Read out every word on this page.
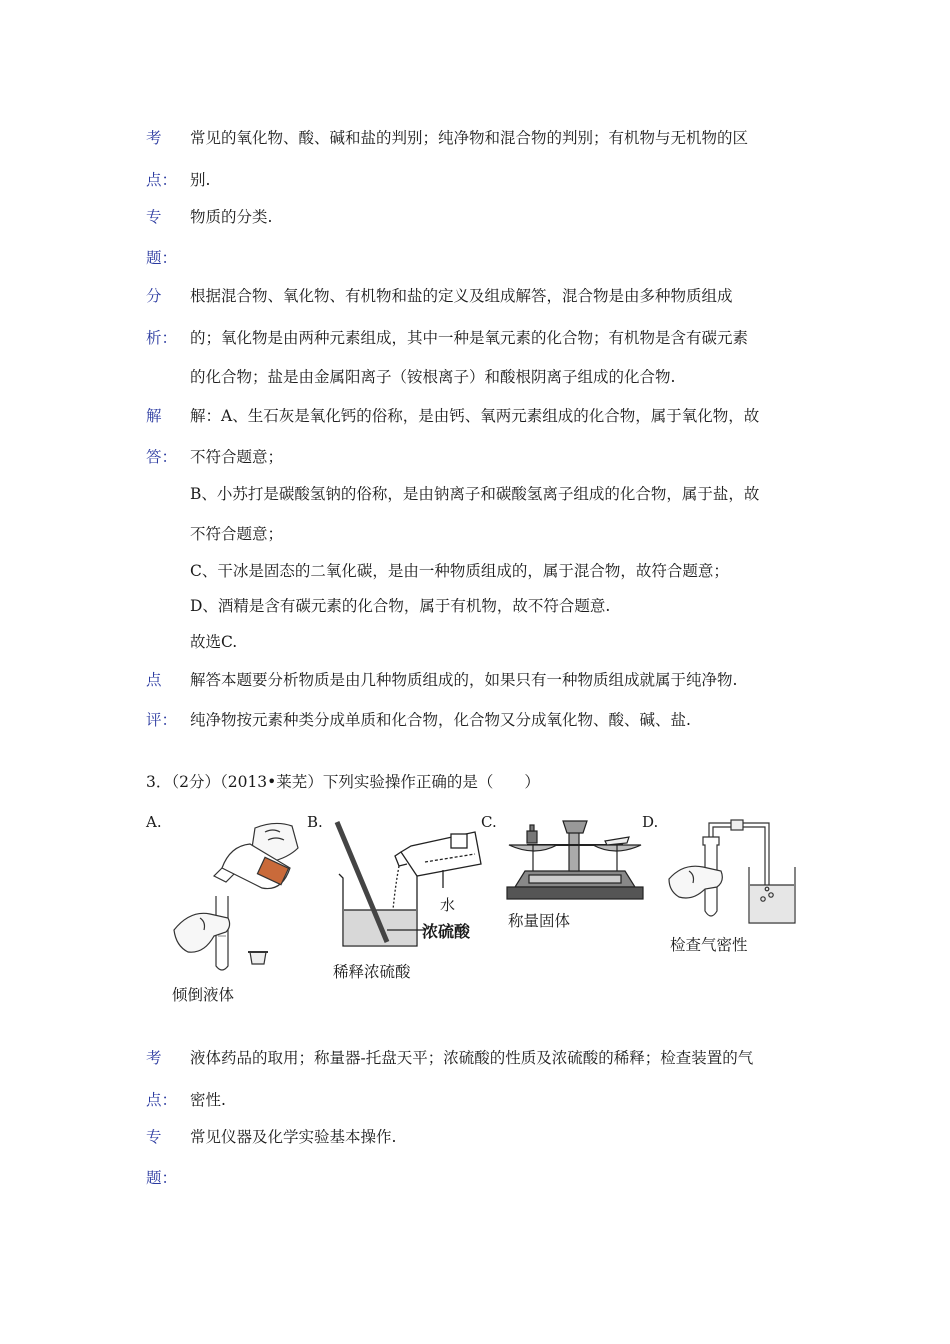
考 常见的氧化物、酸、碱和盐的判别；纯净物和混合物的判别；有机物与无机物的区
点： 别.
专 物质的分类.
题：
分 根据混合物、氧化物、有机物和盐的定义及组成解答，混合物是由多种物质组成
析： 的；氧化物是由两种元素组成，其中一种是氧元素的化合物；有机物是含有碳元素
的化合物；盐是由金属阳离子（铵根离子）和酸根阴离子组成的化合物.
解 解：A、生石灰是氧化钙的俗称，是由钙、氧两元素组成的化合物，属于氧化物，故
答： 不符合题意；
B、小苏打是碳酸氢钠的俗称，是由钠离子和碳酸氢离子组成的化合物，属于盐，故
不符合题意；
C、干冰是固态的二氧化碳，是由一种物质组成的，属于混合物，故符合题意；
D、酒精是含有碳元素的化合物，属于有机物，故不符合题意.
故选C.
点 解答本题要分析物质是由几种物质组成的，如果只有一种物质组成就属于纯净物.
评： 纯净物按元素种类分成单质和化合物，化合物又分成氧化物、酸、碱、盐.
3．（2分）（2013•莱芜）下列实验操作正确的是（　　）
A.	B.	C.	D.
倾倒液体
水
浓硫酸
稀释浓硫酸
称量固体
检查气密性
考 液体药品的取用；称量器-托盘天平；浓硫酸的性质及浓硫酸的稀释；检查装置的气
点： 密性.
专 常见仪器及化学实验基本操作.
题：
